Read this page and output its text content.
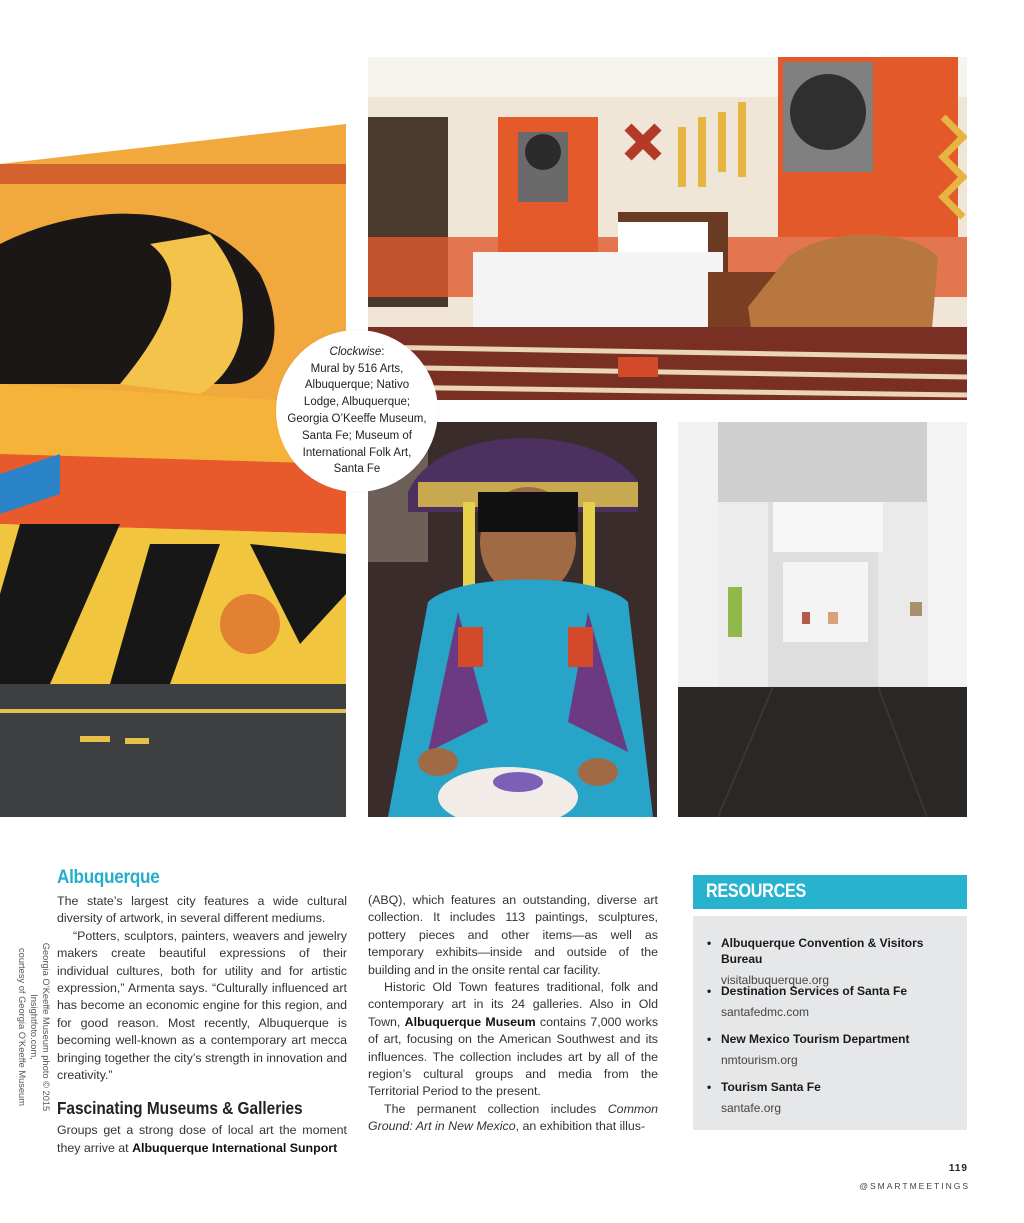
Clockwise:
Mural by 516 Arts,
Albuquerque; Nativo
Lodge, Albuquerque;
Georgia O’Keeffe Museum,
Santa Fe; Museum of
International Folk Art,
Santa Fe
Georgia O’Keeffe Museum photo © 2015 Insightfoto.com,
courtesy of Georgia O’Keeffe Museum
Albuquerque

The state’s largest city features a wide cultural diversity of artwork, in several different mediums.

“Potters, sculptors, painters, weavers and jewelry makers create beautiful expressions of their individual cultures, both for utility and for artistic expression,” Armenta says. “Culturally influenced art has become an economic engine for this region, and for good reason. Most recently, Albuquerque is becoming well-known as a contemporary art mecca bringing together the city’s strength in innovation and creativity.”

Fascinating Museums & Galleries

Groups get a strong dose of local art the moment they arrive at Albuquerque International Sunport

(ABQ), which features an outstanding, diverse art collection. It includes 113 paintings, sculptures, pottery pieces and other items—as well as temporary exhibits—inside and outside of the building and in the onsite rental car facility.

Historic Old Town features traditional, folk and contemporary art in its 24 galleries. Also in Old Town, Albuquerque Museum contains 7,000 works of art, focusing on the American Southwest and its influences. The collection includes art by all of the region’s cultural groups and media from the Territorial Period to the present.

The permanent collection includes Common Ground: Art in New Mexico, an exhibition that illus-

RESOURCES
• Albuquerque Convention & Visitors Bureau
visitalbuquerque.org
• Destination Services of Santa Fe
santafedmc.com
• New Mexico Tourism Department
nmtourism.org
• Tourism Santa Fe
santafe.org
119
@SMARTMEETINGS
